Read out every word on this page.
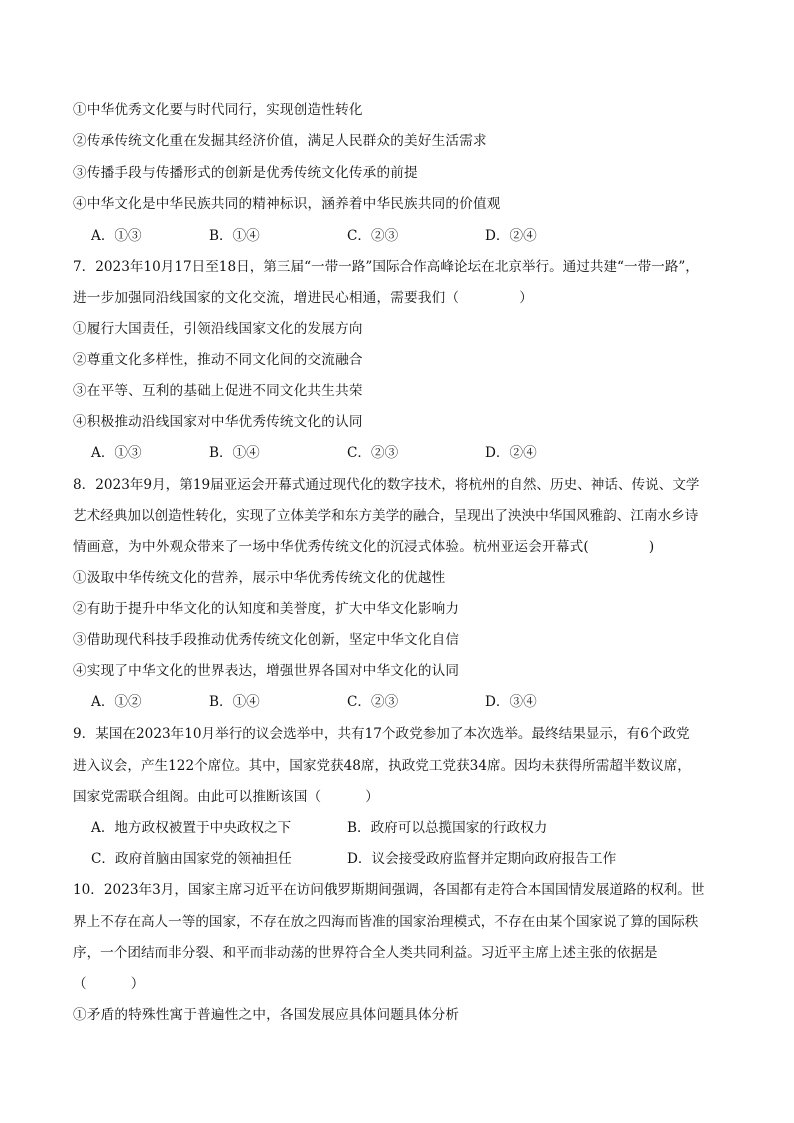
①中华优秀文化要与时代同行，实现创造性转化
②传承传统文化重在发掘其经济价值，满足人民群众的美好生活需求
③传播手段与传播形式的创新是优秀传统文化传承的前提
④中华文化是中华民族共同的精神标识，涵养着中华民族共同的价值观
A．①③	B．①④	C．②③	D．②④
7．2023年10月17日至18日，第三届“一带一路”国际合作高峰论坛在北京举行。通过共建“一带一路”，
进一步加强同沿线国家的文化交流，增进民心相通，需要我们（	）
①履行大国责任，引领沿线国家文化的发展方向
②尊重文化多样性，推动不同文化间的交流融合
③在平等、互利的基础上促进不同文化共生共荣
④积极推动沿线国家对中华优秀传统文化的认同
A．①③	B．①④	C．②③	D．②④
8．2023年9月，第19届亚运会开幕式通过现代化的数字技术，将杭州的自然、历史、神话、传说、文学
艺术经典加以创造性转化，实现了立体美学和东方美学的融合，呈现出了泱泱中华国风雅韵、江南水乡诗
情画意，为中外观众带来了一场中华优秀传统文化的沉浸式体验。杭州亚运会开幕式(	)
①汲取中华传统文化的营养，展示中华优秀传统文化的优越性
②有助于提升中华文化的认知度和美誉度，扩大中华文化影响力
③借助现代科技手段推动优秀传统文化创新，坚定中华文化自信
④实现了中华文化的世界表达，增强世界各国对中华文化的认同
A．①②	B．①④	C．②③	D．③④
9．某国在2023年10月举行的议会选举中，共有17个政党参加了本次选举。最终结果显示，有6个政党
进入议会，产生122个席位。其中，国家党获48席，执政党工党获34席。因均未获得所需超半数议席，
国家党需联合组阁。由此可以推断该国（	）
A．地方政权被置于中央政权之下	B．政府可以总揽国家的行政权力
C．政府首脑由国家党的领袖担任	D．议会接受政府监督并定期向政府报告工作
10．2023年3月，国家主席习近平在访问俄罗斯期间强调，各国都有走符合本国国情发展道路的权利。世
界上不存在高人一等的国家，不存在放之四海而皆准的国家治理模式，不存在由某个国家说了算的国际秩
序，一个团结而非分裂、和平而非动荡的世界符合全人类共同利益。习近平主席上述主张的依据是
（	）
①矛盾的特殊性寓于普遍性之中，各国发展应具体问题具体分析
